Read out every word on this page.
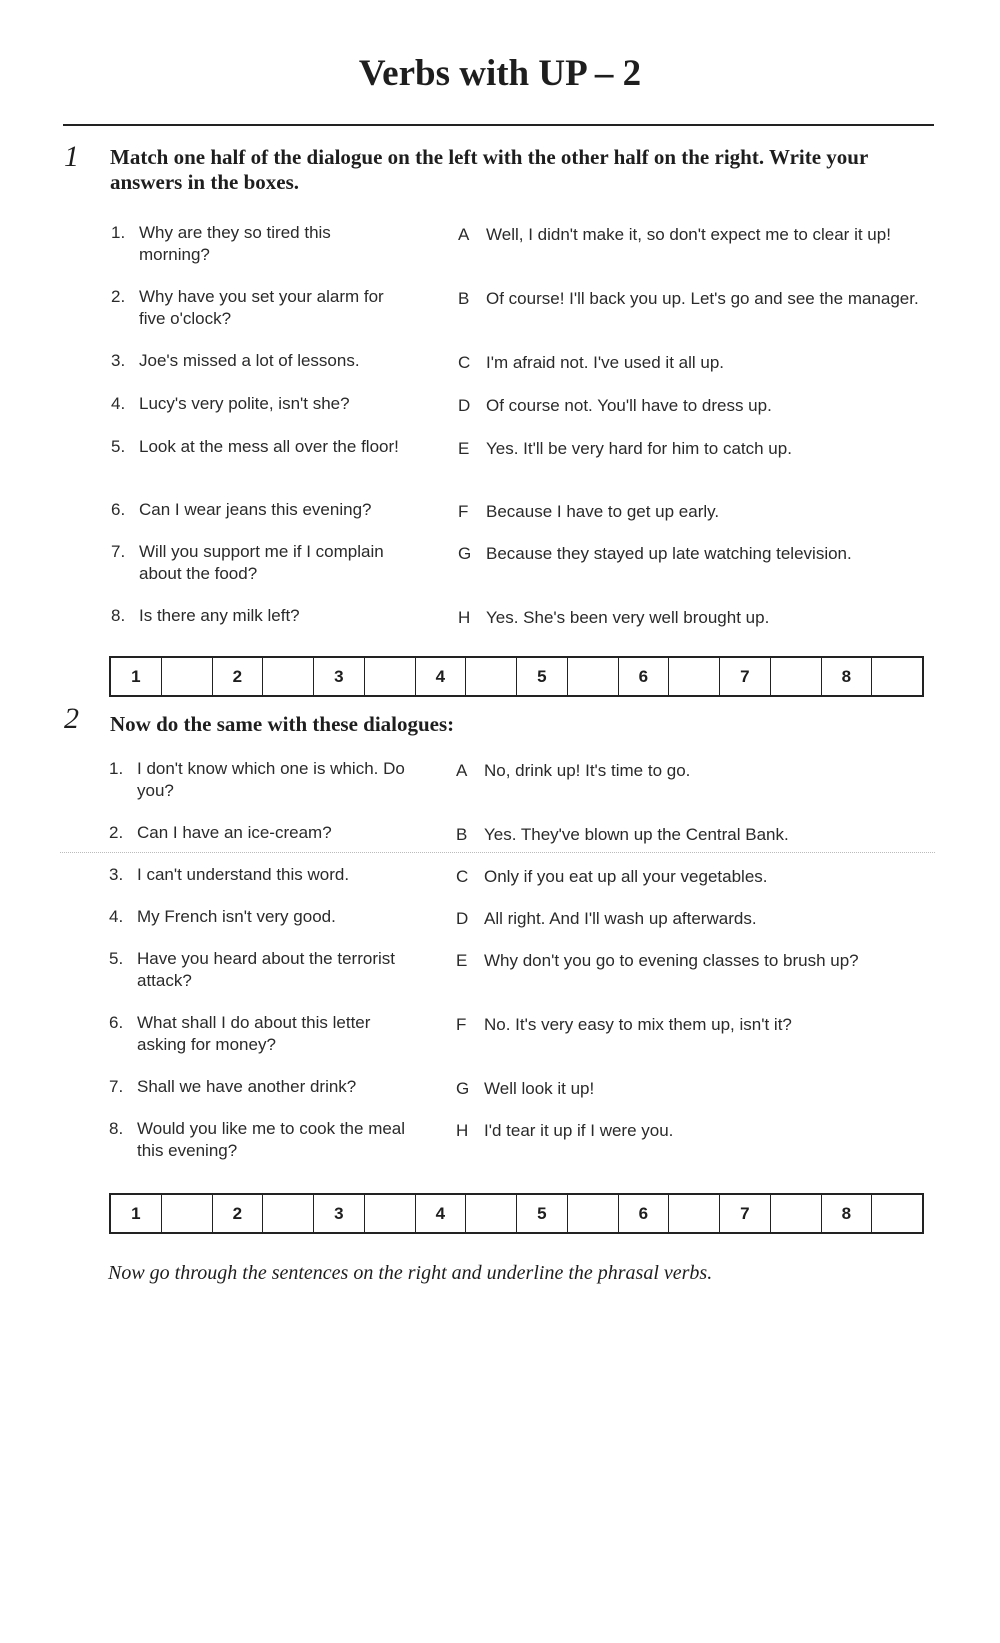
Verbs with UP – 2
1 Match one half of the dialogue on the left with the other half on the right. Write your answers in the boxes.
1. Why are they so tired this morning?
2. Why have you set your alarm for five o'clock?
3. Joe's missed a lot of lessons.
4. Lucy's very polite, isn't she?
5. Look at the mess all over the floor!
6. Can I wear jeans this evening?
7. Will you support me if I complain about the food?
8. Is there any milk left?
A Well, I didn't make it, so don't expect me to clear it up!
B Of course! I'll back you up. Let's go and see the manager.
C I'm afraid not. I've used it all up.
D Of course not. You'll have to dress up.
E Yes. It'll be very hard for him to catch up.
F Because I have to get up early.
G Because they stayed up late watching television.
H Yes. She's been very well brought up.
1	2	3	4	5	6	7	8
2 Now do the same with these dialogues:
1. I don't know which one is which. Do you?
2. Can I have an ice-cream?
3. I can't understand this word.
4. My French isn't very good.
5. Have you heard about the terrorist attack?
6. What shall I do about this letter asking for money?
7. Shall we have another drink?
8. Would you like me to cook the meal this evening?
A No, drink up! It's time to go.
B Yes. They've blown up the Central Bank.
C Only if you eat up all your vegetables.
D All right. And I'll wash up afterwards.
E Why don't you go to evening classes to brush up?
F No. It's very easy to mix them up, isn't it?
G Well look it up!
H I'd tear it up if I were you.
1	2	3	4	5	6	7	8
Now go through the sentences on the right and underline the phrasal verbs.
